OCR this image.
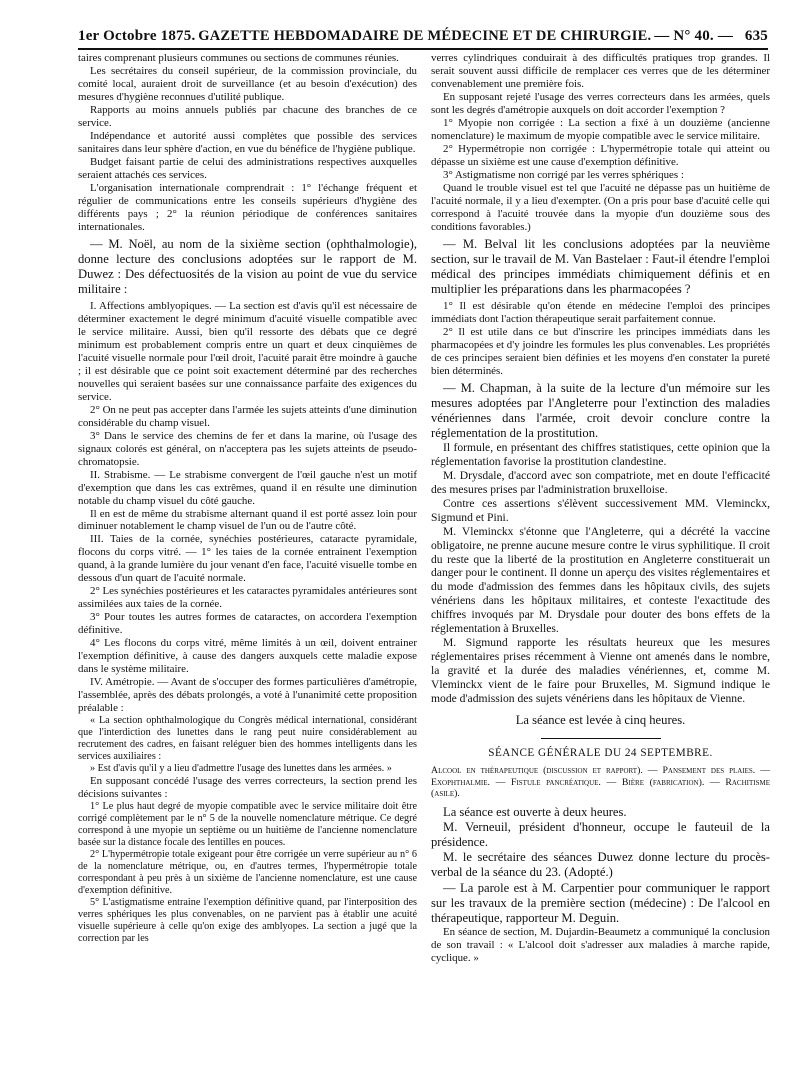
1er Octobre 1875. GAZETTE HEBDOMADAIRE DE MÉDECINE ET DE CHIRURGIE. — N° 40. — 635

taires comprenant plusieurs communes ou sections de communes réunies.

Les secrétaires du conseil supérieur, de la commission provinciale, du comité local, auraient droit de surveillance (et au besoin d'exécution) des mesures d'hygiène reconnues d'utilité publique.

Rapports au moins annuels publiés par chacune des branches de ce service.

Indépendance et autorité aussi complètes que possible des services sanitaires dans leur sphère d'action, en vue du bénéfice de l'hygiène publique.

Budget faisant partie de celui des administrations respectives auxquelles seraient attachés ces services.

L'organisation internationale comprendrait : 1° l'échange fréquent et régulier de communications entre les conseils supérieurs d'hygiène des différents pays ; 2° la réunion périodique de conférences sanitaires internationales.

— M. Noël, au nom de la sixième section (ophthalmologie), donne lecture des conclusions adoptées sur le rapport de M. Duwez : Des défectuosités de la vision au point de vue du service militaire :

I. Affections amblyopiques. — La section est d'avis qu'il est nécessaire de déterminer exactement le degré minimum d'acuité visuelle compatible avec le service militaire. Aussi, bien qu'il ressorte des débats que ce degré minimum est probablement compris entre un quart et deux cinquièmes de l'acuité visuelle normale pour l'œil droit, l'acuité parait être moindre à gauche ; il est désirable que ce point soit exactement déterminé par des recherches nouvelles qui seraient basées sur une connaissance parfaite des exigences du service.

2° On ne peut pas accepter dans l'armée les sujets atteints d'une diminution considérable du champ visuel.

3° Dans le service des chemins de fer et dans la marine, où l'usage des signaux colorés est général, on n'acceptera pas les sujets atteints de pseudo-chromatopsie.

II. Strabisme. — Le strabisme convergent de l'œil gauche n'est un motif d'exemption que dans les cas extrêmes, quand il en résulte une diminution notable du champ visuel du côté gauche.

Il en est de même du strabisme alternant quand il est porté assez loin pour diminuer notablement le champ visuel de l'un ou de l'autre côté.

III. Taies de la cornée, synéchies postérieures, cataracte pyramidale, flocons du corps vitré. — 1° les taies de la cornée entrainent l'exemption quand, à la grande lumière du jour venant d'en face, l'acuité visuelle tombe en dessous d'un quart de l'acuité normale.

2° Les synéchies postérieures et les cataractes pyramidales antérieures sont assimilées aux taies de la cornée.

3° Pour toutes les autres formes de cataractes, on accordera l'exemption définitive.

4° Les flocons du corps vitré, même limités à un œil, doivent entrainer l'exemption définitive, à cause des dangers auxquels cette maladie expose dans le système militaire.

IV. Amétropie. — Avant de s'occuper des formes particulières d'amétropie, l'assemblée, après des débats prolongés, a voté à l'unanimité cette proposition préalable :

« La section ophthalmologique du Congrès médical international, considérant que l'interdiction des lunettes dans le rang peut nuire considérablement au recrutement des cadres, en faisant reléguer bien des hommes intelligents dans les services auxiliaires :

» Est d'avis qu'il y a lieu d'admettre l'usage des lunettes dans les armées. »

En supposant concédé l'usage des verres correcteurs, la section prend les décisions suivantes :

1° Le plus haut degré de myopie compatible avec le service militaire doit être corrigé complètement par le n° 5 de la nouvelle nomenclature métrique. Ce degré correspond à une myopie un septième ou un huitième de l'ancienne nomenclature basée sur la distance focale des lentilles en pouces.

2° L'hypermétropie totale exigeant pour être corrigée un verre supérieur au n° 6 de la nomenclature métrique, ou, en d'autres termes, l'hypermétropie totale correspondant à peu près à un sixième de l'ancienne nomenclature, est une cause d'exemption définitive.

5° L'astigmatisme entraine l'exemption définitive quand, par l'interposition des verres sphériques les plus convenables, on ne parvient pas à établir une acuité visuelle supérieure à celle qu'on exige des amblyopes. La section a jugé que la correction par les

verres cylindriques conduirait à des difficultés pratiques trop grandes. Il serait souvent aussi difficile de remplacer ces verres que de les déterminer convenablement une première fois.

En supposant rejeté l'usage des verres correcteurs dans les armées, quels sont les degrés d'amétropie auxquels on doit accorder l'exemption ?

1° Myopie non corrigée : La section a fixé à un douzième (ancienne nomenclature) le maximum de myopie compatible avec le service militaire.

2° Hypermétropie non corrigée : L'hypermétropie totale qui atteint ou dépasse un sixième est une cause d'exemption définitive.

3° Astigmatisme non corrigé par les verres sphériques :

Quand le trouble visuel est tel que l'acuité ne dépasse pas un huitième de l'acuité normale, il y a lieu d'exempter. (On a pris pour base d'acuité celle qui correspond à l'acuité trouvée dans la myopie d'un douzième sous des conditions favorables.)

— M. Belval lit les conclusions adoptées par la neuvième section, sur le travail de M. Van Bastelaer : Faut-il étendre l'emploi médical des principes immédiats chimiquement définis et en multiplier les préparations dans les pharmacopées ?

1° Il est désirable qu'on étende en médecine l'emploi des principes immédiats dont l'action thérapeutique serait parfaitement connue.

2° Il est utile dans ce but d'inscrire les principes immédiats dans les pharmacopées et d'y joindre les formules les plus convenables. Les propriétés de ces principes seraient bien définies et les moyens d'en constater la pureté bien déterminés.

— M. Chapman, à la suite de la lecture d'un mémoire sur les mesures adoptées par l'Angleterre pour l'extinction des maladies vénériennes dans l'armée, croit devoir conclure contre la réglementation de la prostitution.

Il formule, en présentant des chiffres statistiques, cette opinion que la réglementation favorise la prostitution clandestine.

M. Drysdale, d'accord avec son compatriote, met en doute l'efficacité des mesures prises par l'administration bruxelloise.

Contre ces assertions s'élèvent successivement MM. Vleminckx, Sigmund et Pini.

M. Vleminckx s'étonne que l'Angleterre, qui a décrété la vaccine obligatoire, ne prenne aucune mesure contre le virus syphilitique. Il croit du reste que la liberté de la prostitution en Angleterre constituerait un danger pour le continent. Il donne un aperçu des visites réglementaires et du mode d'admission des femmes dans les hôpitaux civils, des sujets vénériens dans les hôpitaux militaires, et conteste l'exactitude des chiffres invoqués par M. Drysdale pour douter des bons effets de la réglementation à Bruxelles.

M. Sigmund rapporte les résultats heureux que les mesures réglementaires prises récemment à Vienne ont amenés dans le nombre, la gravité et la durée des maladies vénériennes, et, comme M. Vleminckx vient de le faire pour Bruxelles, M. Sigmund indique le mode d'admission des sujets vénériens dans les hôpitaux de Vienne.

La séance est levée à cinq heures.
SÉANCE GÉNÉRALE DU 24 SEPTEMBRE.

Alcool en thérapeutique (discussion et rapport). — Pansement des plaies. — Exophthalmie. — Fistule pancréatique. — Bière (fabrication). — Rachitisme (asile).

La séance est ouverte à deux heures.

M. Verneuil, président d'honneur, occupe le fauteuil de la présidence.

M. le secrétaire des séances Duwez donne lecture du procès-verbal de la séance du 23. (Adopté.)

— La parole est à M. Carpentier pour communiquer le rapport sur les travaux de la première section (médecine) : De l'alcool en thérapeutique, rapporteur M. Deguin.

En séance de section, M. Dujardin-Beaumetz a communiqué la conclusion de son travail : « L'alcool doit s'adresser aux maladies à marche rapide, cyclique. »
